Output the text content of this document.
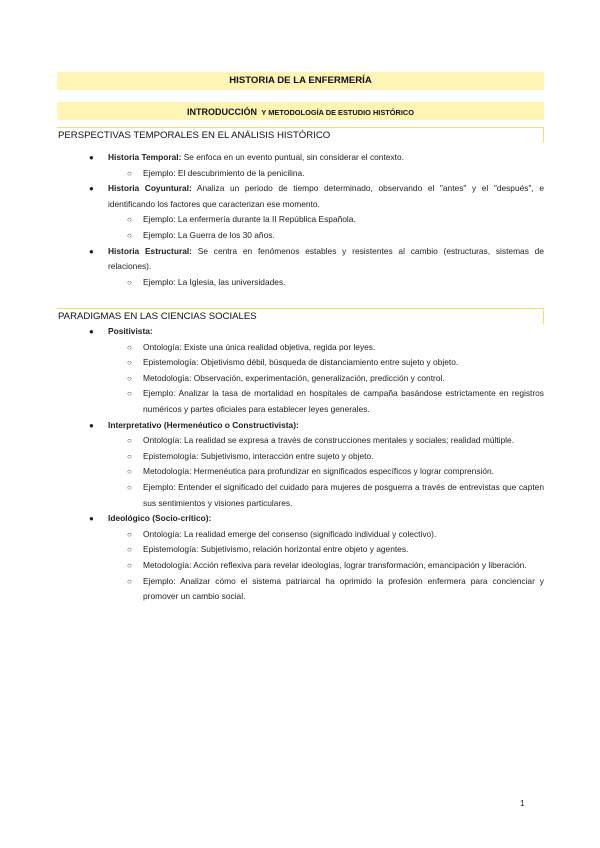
HISTORIA DE LA ENFERMERÍA
INTRODUCCIÓN Y METODOLOGÍA DE ESTUDIO HISTÓRICO
PERSPECTIVAS TEMPORALES EN EL ANÁLISIS HISTÓRICO
● Historia Temporal: Se enfoca en un evento puntual, sin considerar el contexto.
○ Ejemplo: El descubrimiento de la penicilina.
● Historia Coyuntural: Analiza un periodo de tiempo determinado, observando el "antes" y el "después", e identificando los factores que caracterizan ese momento.
○ Ejemplo: La enfermería durante la II República Española.
○ Ejemplo: La Guerra de los 30 años.
● Historia Estructural: Se centra en fenómenos estables y resistentes al cambio (estructuras, sistemas de relaciones).
○ Ejemplo: La Iglesia, las universidades.
PARADIGMAS EN LAS CIENCIAS SOCIALES
● Positivista:
○ Ontología: Existe una única realidad objetiva, regida por leyes.
○ Epistemología: Objetivismo débil, búsqueda de distanciamiento entre sujeto y objeto.
○ Metodología: Observación, experimentación, generalización, predicción y control.
○ Ejemplo: Analizar la tasa de mortalidad en hospitales de campaña basándose estrictamente en registros numéricos y partes oficiales para establecer leyes generales.
● Interpretativo (Hermenéutico o Constructivista):
○ Ontología: La realidad se expresa a través de construcciones mentales y sociales; realidad múltiple.
○ Epistemología: Subjetivismo, interacción entre sujeto y objeto.
○ Metodología: Hermenéutica para profundizar en significados específicos y lograr comprensión.
○ Ejemplo: Entender el significado del cuidado para mujeres de posguerra a través de entrevistas que capten sus sentimientos y visiones particulares.
● Ideológico (Socio-crítico):
○ Ontología: La realidad emerge del consenso (significado individual y colectivo).
○ Epistemología: Subjetivismo, relación horizontal entre objeto y agentes.
○ Metodología: Acción reflexiva para revelar ideologías, lograr transformación, emancipación y liberación.
○ Ejemplo: Analizar cómo el sistema patriarcal ha oprimido la profesión enfermera para concienciar y promover un cambio social.
1
